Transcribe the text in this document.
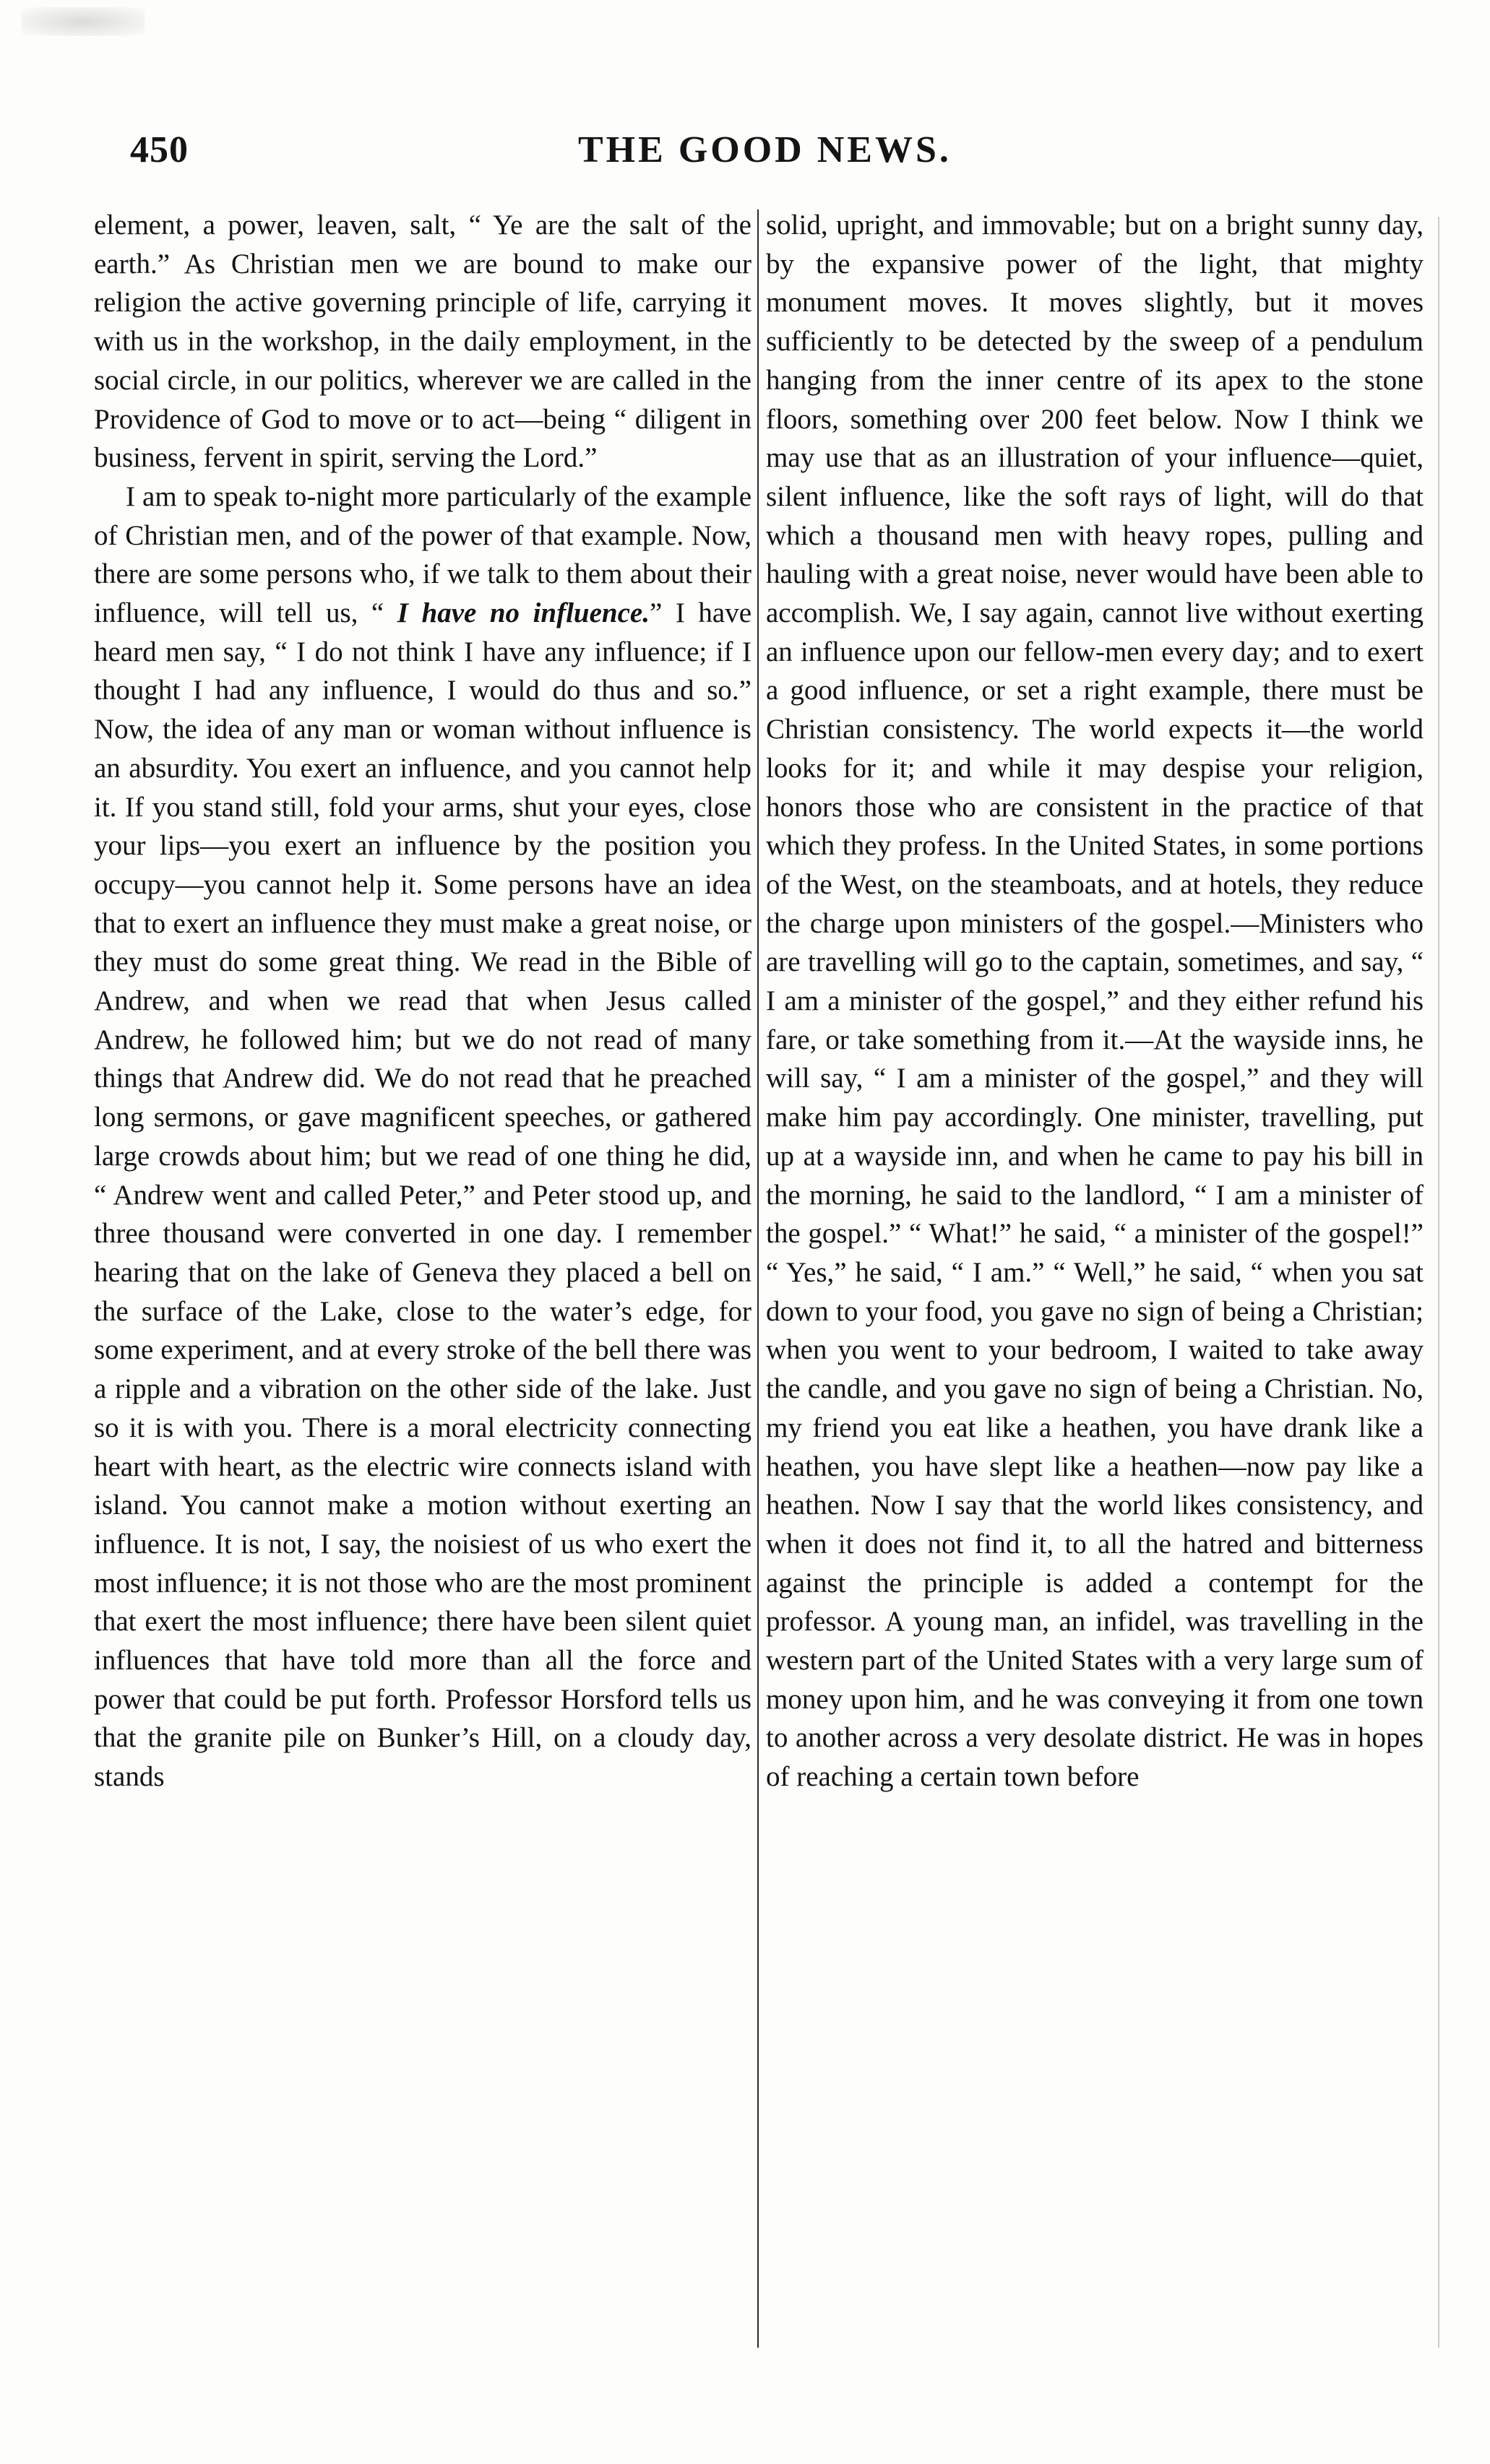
450	THE GOOD NEWS.

element, a power, leaven, salt, “ Ye are the salt of the earth.” As Christian men we are bound to make our religion the active governing principle of life, carrying it with us in the workshop, in the daily employment, in the social circle, in our politics, wherever we are called in the Providence of God to move or to act—being “ diligent in business, fervent in spirit, serving the Lord.”

I am to speak to-night more particularly of the example of Christian men, and of the power of that example. Now, there are some persons who, if we talk to them about their influence, will tell us, “ I have no influence.” I have heard men say, “ I do not think I have any influence; if I thought I had any influence, I would do thus and so.” Now, the idea of any man or woman without influence is an absurdity. You exert an influence, and you cannot help it. If you stand still, fold your arms, shut your eyes, close your lips—you exert an influence by the position you occupy—you cannot help it. Some persons have an idea that to exert an influence they must make a great noise, or they must do some great thing. We read in the Bible of Andrew, and when we read that when Jesus called Andrew, he followed him; but we do not read of many things that Andrew did. We do not read that he preached long sermons, or gave magnificent speeches, or gathered large crowds about him; but we read of one thing he did, “ Andrew went and called Peter,” and Peter stood up, and three thousand were converted in one day. I remember hearing that on the lake of Geneva they placed a bell on the surface of the Lake, close to the water’s edge, for some experiment, and at every stroke of the bell there was a ripple and a vibration on the other side of the lake. Just so it is with you. There is a moral electricity connecting heart with heart, as the electric wire connects island with island. You cannot make a motion without exerting an influence. It is not, I say, the noisiest of us who exert the most influence; it is not those who are the most prominent that exert the most influence; there have been silent quiet influences that have told more than all the force and power that could be put forth. Professor Horsford tells us that the granite pile on Bunker’s Hill, on a cloudy day, stands

solid, upright, and immovable; but on a bright sunny day, by the expansive power of the light, that mighty monument moves. It moves slightly, but it moves sufficiently to be detected by the sweep of a pendulum hanging from the inner centre of its apex to the stone floors, something over 200 feet below. Now I think we may use that as an illustration of your influence—quiet, silent influence, like the soft rays of light, will do that which a thousand men with heavy ropes, pulling and hauling with a great noise, never would have been able to accomplish. We, I say again, cannot live without exerting an influence upon our fellow-men every day; and to exert a good influence, or set a right example, there must be Christian consistency. The world expects it—the world looks for it; and while it may despise your religion, honors those who are consistent in the practice of that which they profess. In the United States, in some portions of the West, on the steamboats, and at hotels, they reduce the charge upon ministers of the gospel.—Ministers who are travelling will go to the captain, sometimes, and say, “ I am a minister of the gospel,” and they either refund his fare, or take something from it.—At the wayside inns, he will say, “ I am a minister of the gospel,” and they will make him pay accordingly. One minister, travelling, put up at a wayside inn, and when he came to pay his bill in the morning, he said to the landlord, “ I am a minister of the gospel.” “ What!” he said, “ a minister of the gospel!” “ Yes,” he said, “ I am.” “ Well,” he said, “ when you sat down to your food, you gave no sign of being a Christian; when you went to your bedroom, I waited to take away the candle, and you gave no sign of being a Christian. No, my friend you eat like a heathen, you have drank like a heathen, you have slept like a heathen—now pay like a heathen. Now I say that the world likes consistency, and when it does not find it, to all the hatred and bitterness against the principle is added a contempt for the professor. A young man, an infidel, was travelling in the western part of the United States with a very large sum of money upon him, and he was conveying it from one town to another across a very desolate district. He was in hopes of reaching a certain town before
